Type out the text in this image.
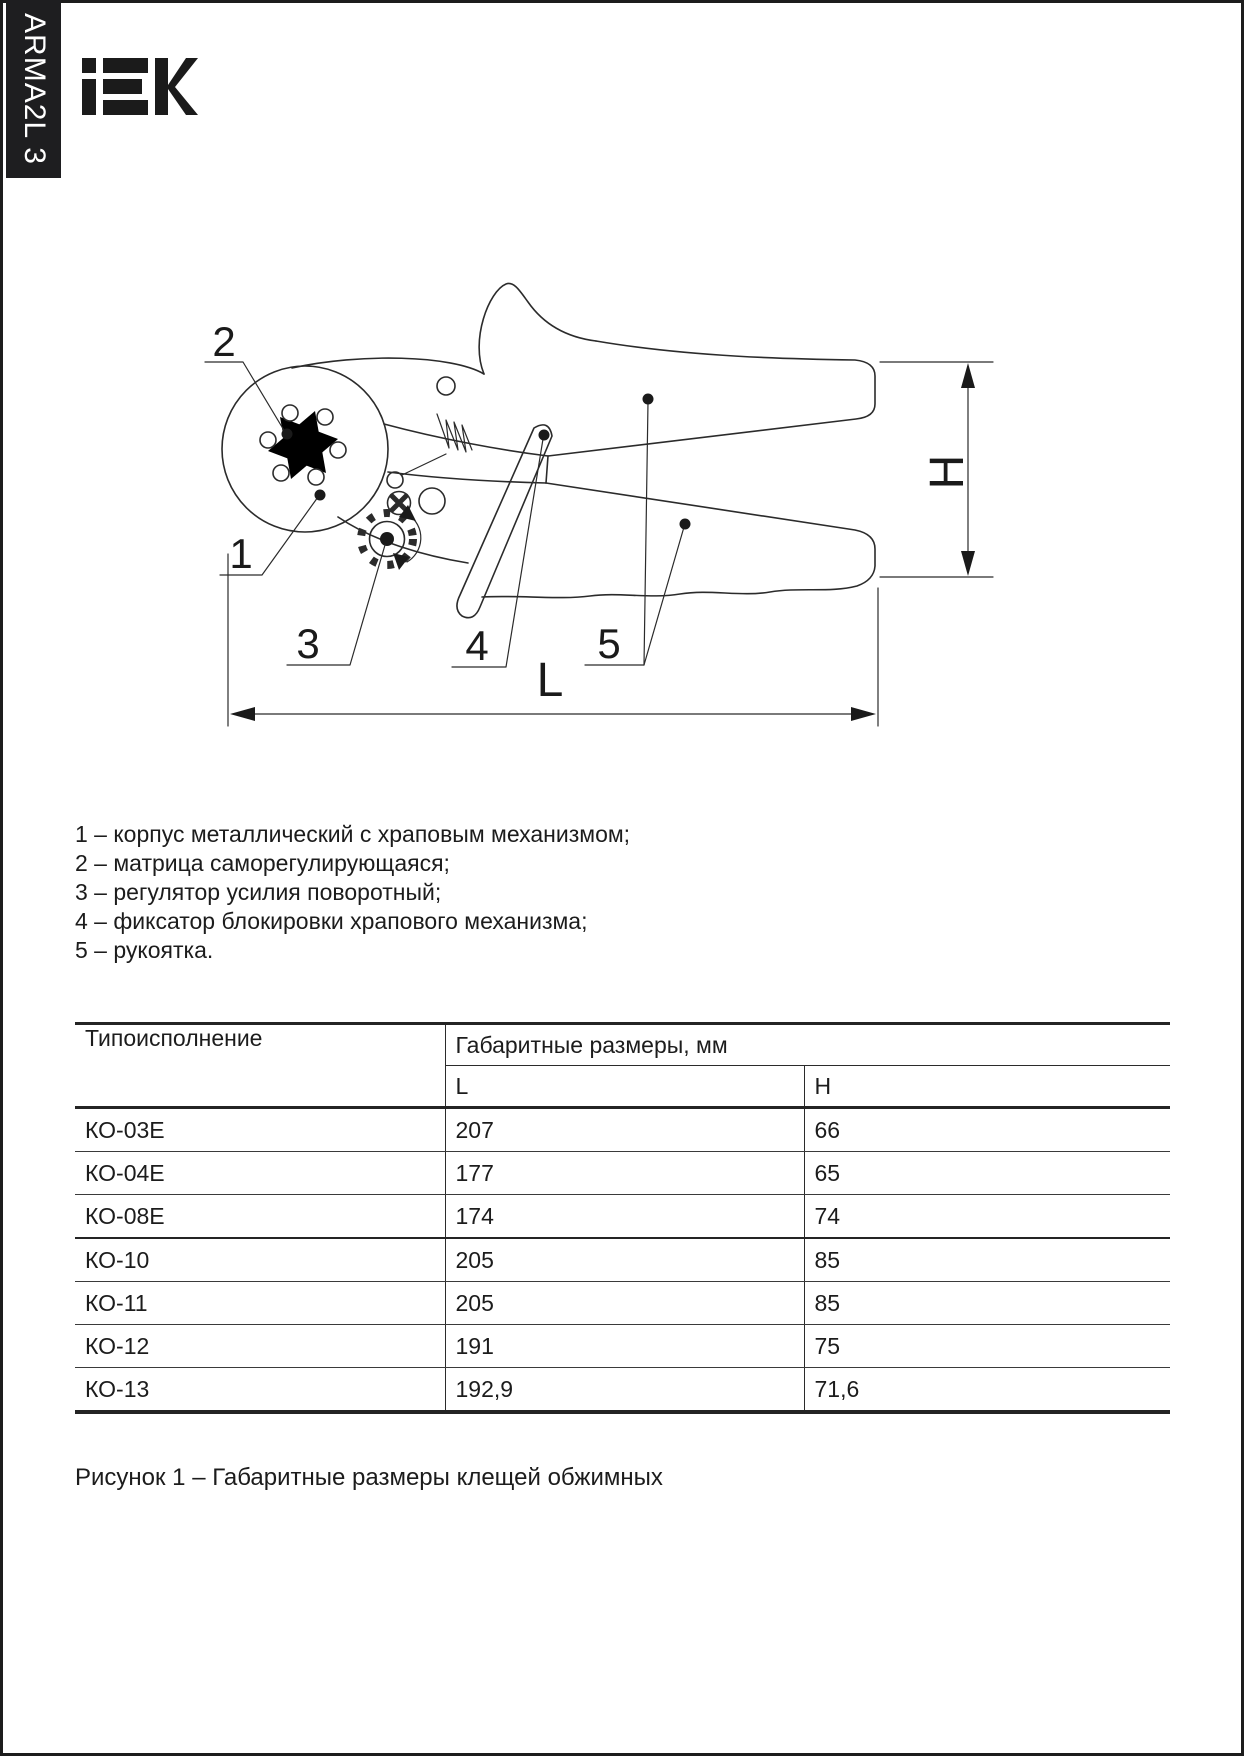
ARMA2L 3
2
1
3	4	5
H
L
1 – корпус металлический с храповым механизмом;
2 – матрица саморегулирующаяся;
3 – регулятор усилия поворотный;
4 – фиксатор блокировки храпового механизма;
5 – рукоятка.
Типоисполнение	Габаритные размеры, мм	
	L	H
КО-03Е	207	66
КО-04Е	177	65
КО-08Е	174	74
КО-10	205	85
КО-11	205	85
КО-12	191	75
КО-13	192,9	71,6
Рисунок 1 – Габаритные размеры клещей обжимных
